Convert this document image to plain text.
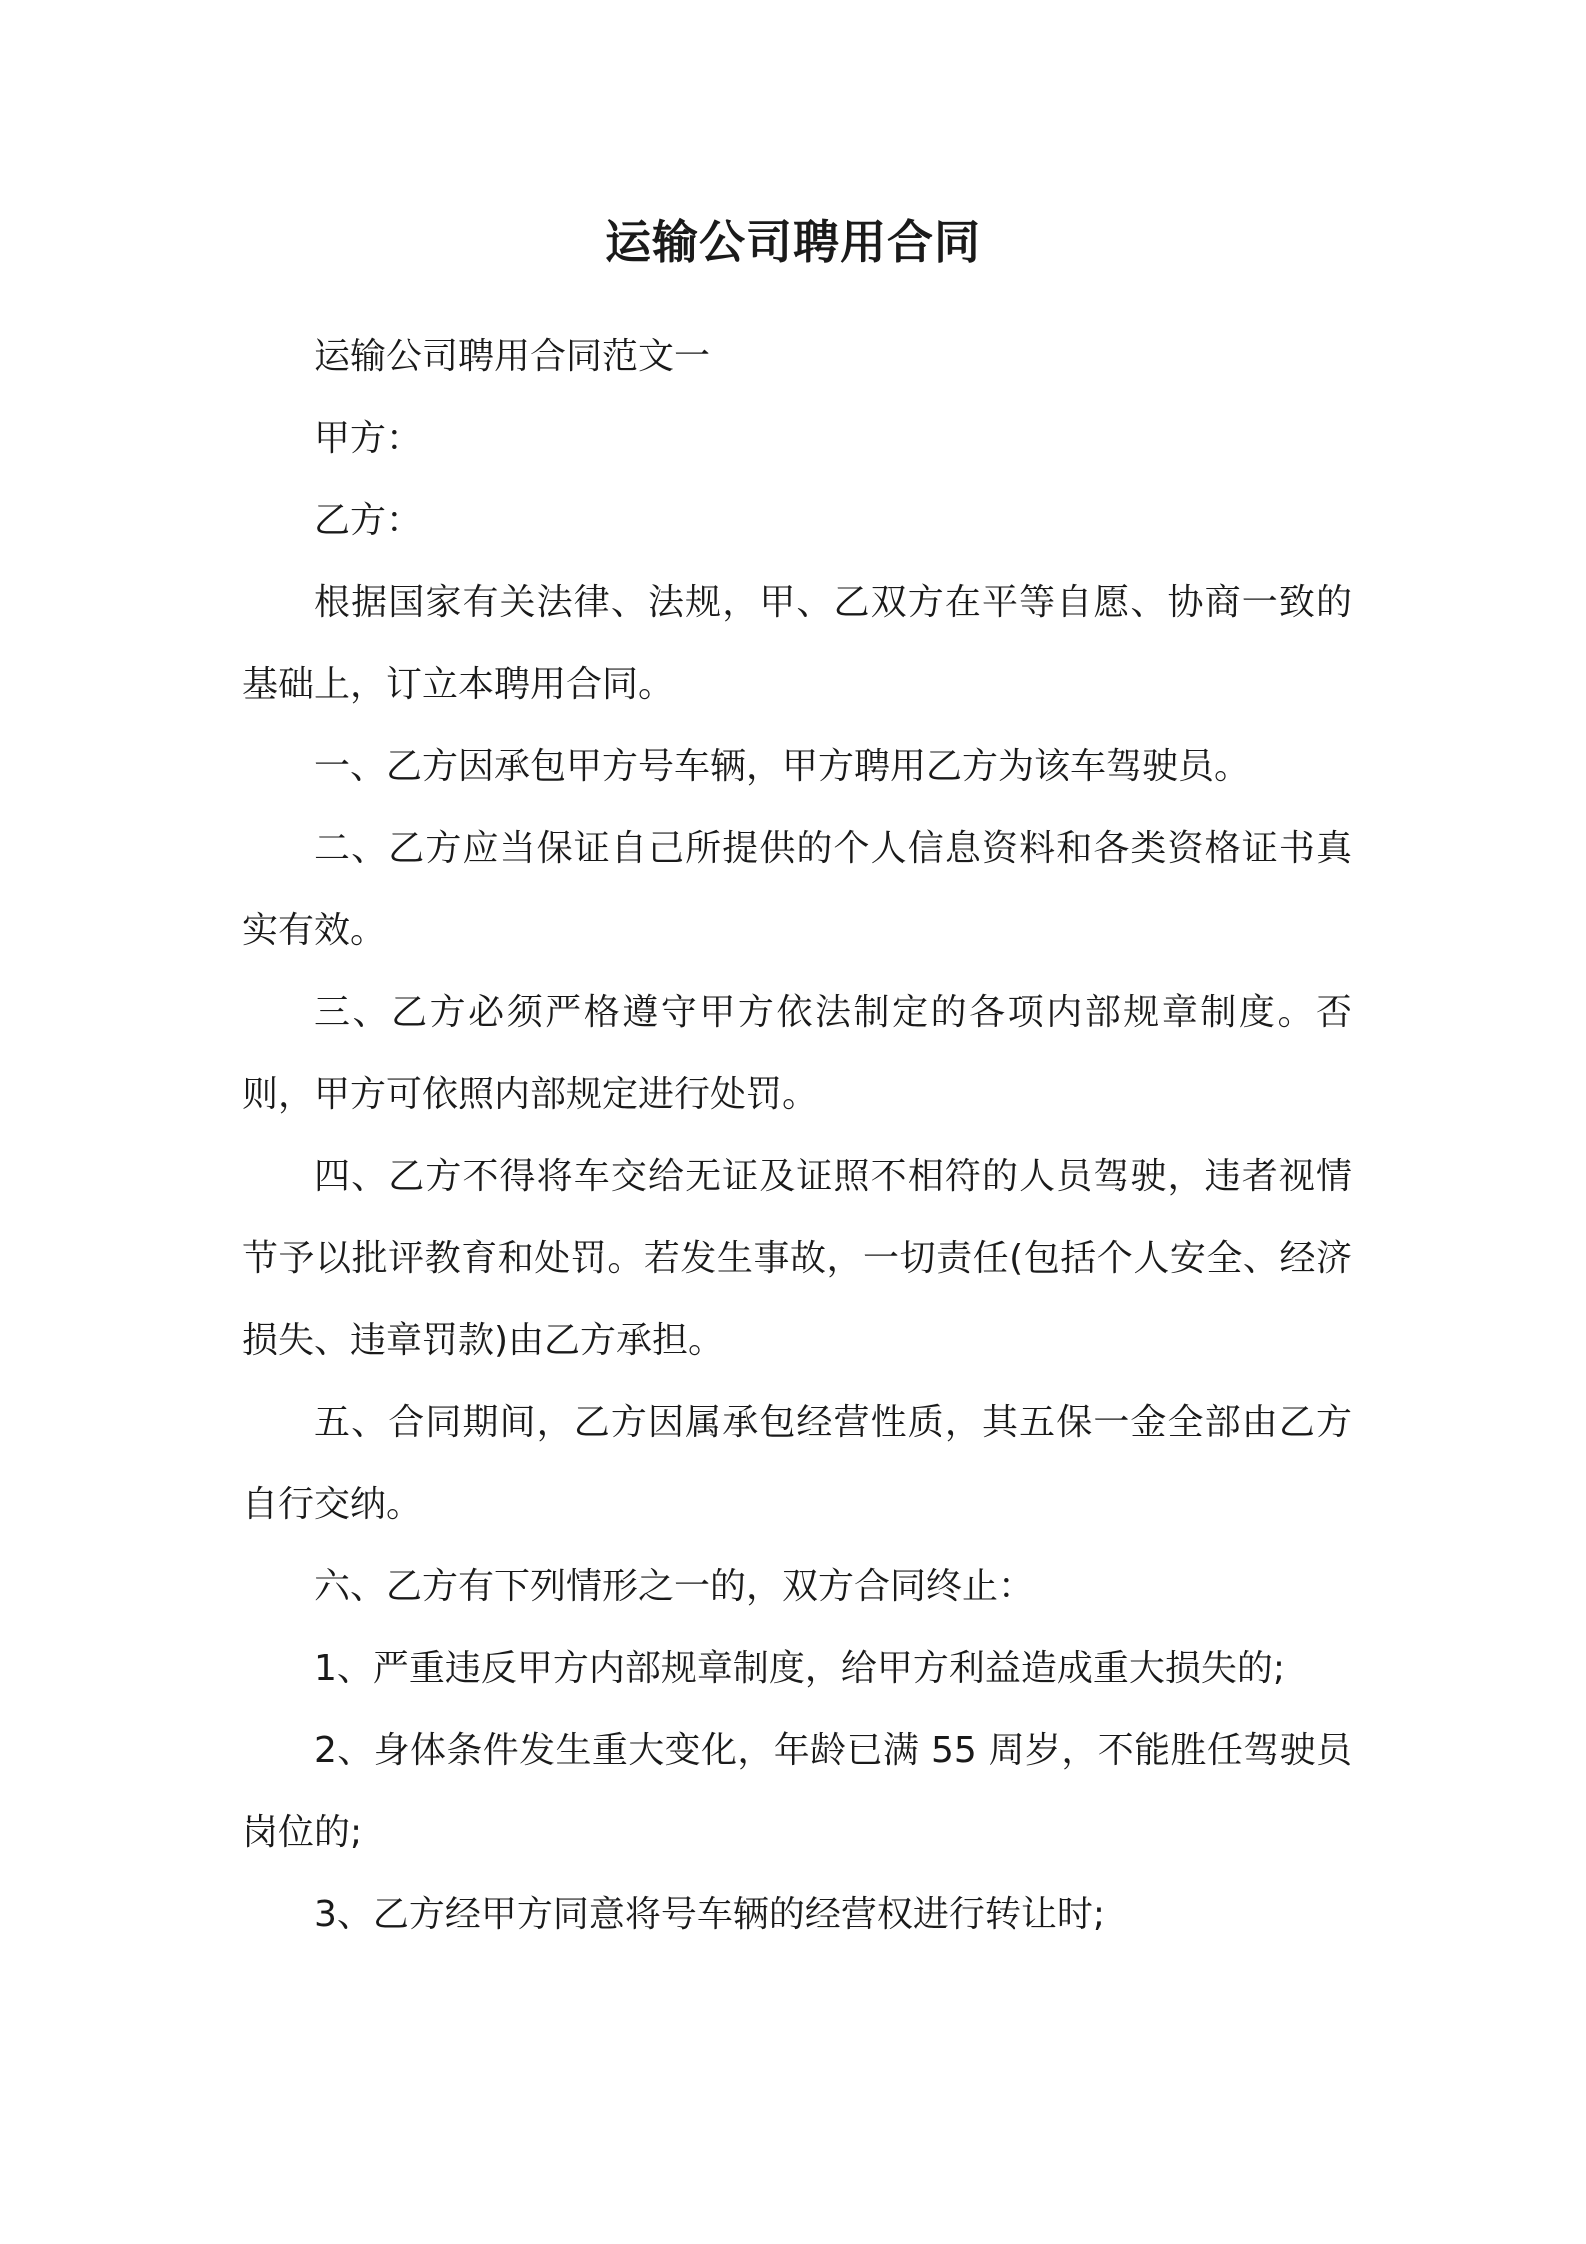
运输公司聘用合同

运输公司聘用合同范文一

甲方：

乙方：

根据国家有关法律、法规，甲、乙双方在平等自愿、协商一致的基础上，订立本聘用合同。

一、乙方因承包甲方号车辆，甲方聘用乙方为该车驾驶员。

二、乙方应当保证自己所提供的个人信息资料和各类资格证书真实有效。

三、乙方必须严格遵守甲方依法制定的各项内部规章制度。否则，甲方可依照内部规定进行处罚。

四、乙方不得将车交给无证及证照不相符的人员驾驶，违者视情节予以批评教育和处罚。若发生事故，一切责任(包括个人安全、经济损失、违章罚款)由乙方承担。

五、合同期间，乙方因属承包经营性质，其五保一金全部由乙方自行交纳。

六、乙方有下列情形之一的，双方合同终止：

1、严重违反甲方内部规章制度，给甲方利益造成重大损失的;

2、身体条件发生重大变化，年龄已满 55 周岁，不能胜任驾驶员岗位的;

3、乙方经甲方同意将号车辆的经营权进行转让时;
